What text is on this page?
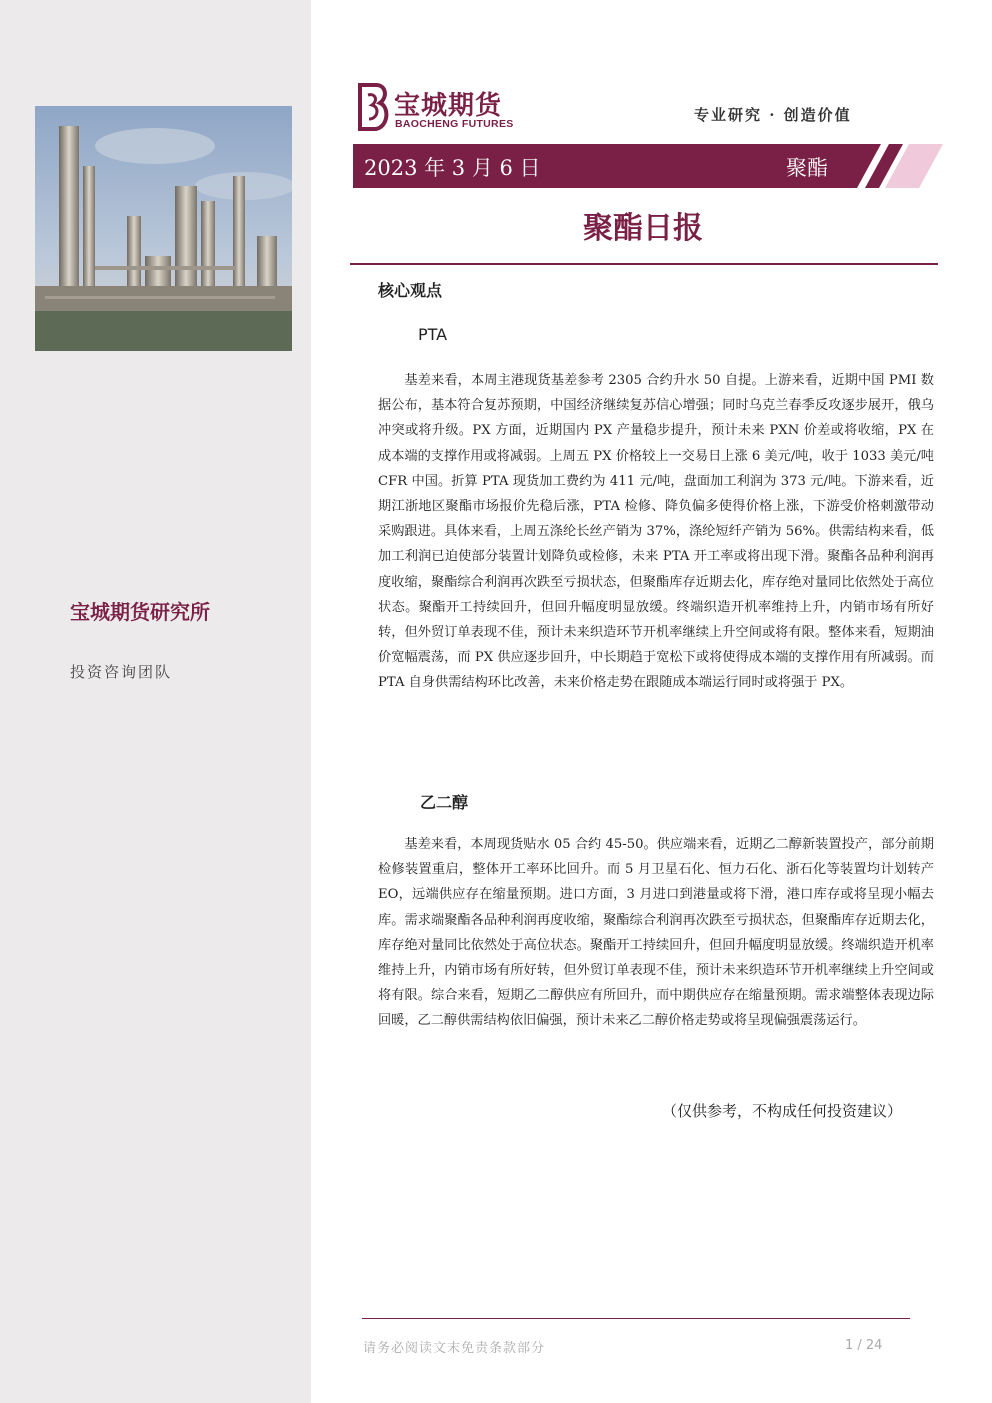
宝城期货研究所
投资咨询团队
宝城期货
BAOCHENG FUTURES	专业研究 · 创造价值
2023 年 3 月 6 日	聚酯
聚酯日报
核心观点
PTA

基差来看，本周主港现货基差参考 2305 合约升水 50 自提。上游来看，近期中国 PMI 数据公布，基本符合复苏预期，中国经济继续复苏信心增强；同时乌克兰春季反攻逐步展开，俄乌冲突或将升级。PX 方面，近期国内 PX 产量稳步提升，预计未来 PXN 价差或将收缩，PX 在成本端的支撑作用或将减弱。上周五 PX 价格较上一交易日上涨 6 美元/吨，收于 1033 美元/吨 CFR 中国。折算 PTA 现货加工费约为 411 元/吨，盘面加工利润为 373 元/吨。下游来看，近期江浙地区聚酯市场报价先稳后涨，PTA 检修、降负偏多使得价格上涨，下游受价格刺激带动采购跟进。具体来看，上周五涤纶长丝产销为 37%，涤纶短纤产销为 56%。供需结构来看，低加工利润已迫使部分装置计划降负或检修，未来 PTA 开工率或将出现下滑。聚酯各品种利润再度收缩，聚酯综合利润再次跌至亏损状态，但聚酯库存近期去化，库存绝对量同比依然处于高位状态。聚酯开工持续回升，但回升幅度明显放缓。终端织造开机率维持上升，内销市场有所好转，但外贸订单表现不佳，预计未来织造环节开机率继续上升空间或将有限。整体来看，短期油价宽幅震荡，而 PX 供应逐步回升，中长期趋于宽松下或将使得成本端的支撑作用有所减弱。而 PTA 自身供需结构环比改善，未来价格走势在跟随成本端运行同时或将强于 PX。

乙二醇

基差来看，本周现货贴水 05 合约 45-50。供应端来看，近期乙二醇新装置投产，部分前期检修装置重启，整体开工率环比回升。而 5 月卫星石化、恒力石化、浙石化等装置均计划转产 EO，远端供应存在缩量预期。进口方面，3 月进口到港量或将下滑，港口库存或将呈现小幅去库。需求端聚酯各品种利润再度收缩，聚酯综合利润再次跌至亏损状态，但聚酯库存近期去化，库存绝对量同比依然处于高位状态。聚酯开工持续回升，但回升幅度明显放缓。终端织造开机率维持上升，内销市场有所好转，但外贸订单表现不佳，预计未来织造环节开机率继续上升空间或将有限。综合来看，短期乙二醇供应有所回升，而中期供应存在缩量预期。需求端整体表现边际回暖，乙二醇供需结构依旧偏强，预计未来乙二醇价格走势或将呈现偏强震荡运行。

（仅供参考，不构成任何投资建议）
请务必阅读文末免责条款部分	1 / 24
